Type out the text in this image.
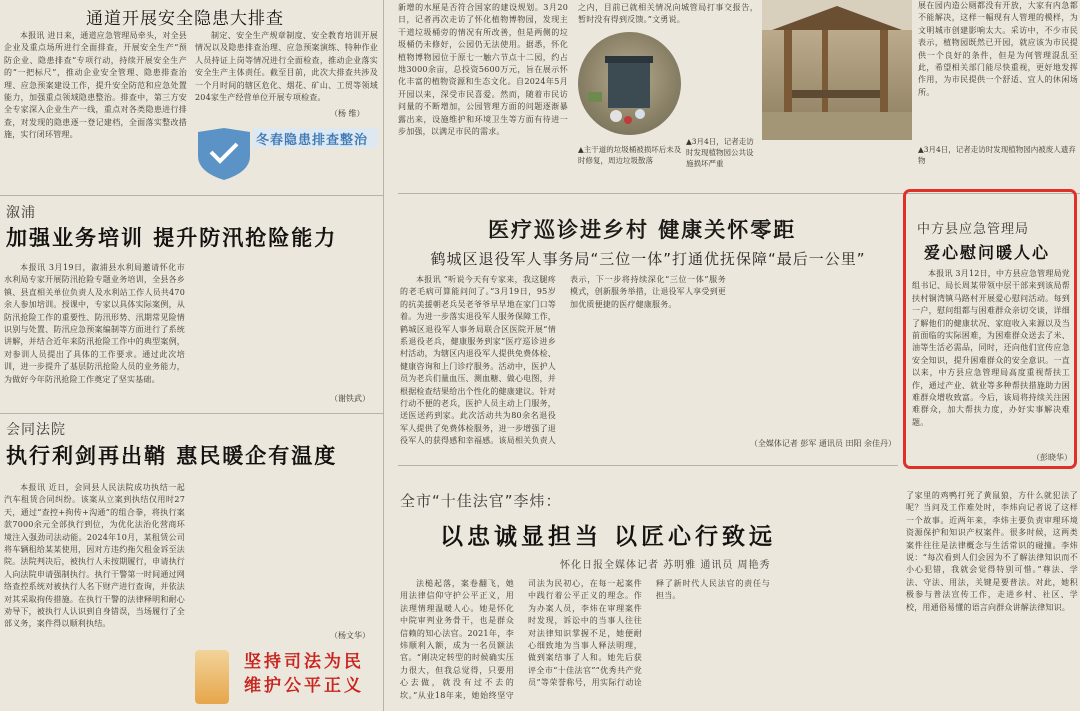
通道开展安全隐患大排查
本报讯 进日来，通道应急管理局牵头，对全县企业及重点场所进行全面排查，开展安全生产“预防企业、隐患排查”专项行动，持续开展安全生产的“一把标尺”，推动企业安全管理、隐患排查治理、应急预案建设工作，提升安全防范和应急处置能力，加强重点领域隐患整治。排查中，第三方安全专家深入企业生产一线，重点对各类隐患进行排查，对发现的隐患逐一登记建档，全面落实整改措施，实行闭环管理。
制定、安全生产规章制度、安全教育培训开展情况以及隐患排查治理、应急预案演练、特种作业人员持证上岗等情况进行全面检查，推动企业落实安全生产主体责任。截至目前，此次大排查共涉及一个月时间的辖区危化、烟花、矿山、工贸等领域204家生产经营单位开展专项检查。
（杨 维）
冬春隐患排查整治
溆浦
加强业务培训 提升防汛抢险能力
本报讯 3月19日，溆浦县水利局邀请怀化市水利局专家开展防汛抢险专题业务培训，全县各乡镇、县直相关单位负责人及水利站工作人员共470余人参加培训。授课中，专家以具体实际案例，从防汛抢险工作的重要性、防汛形势、汛期常见险情识别与处置、防汛应急预案编制等方面进行了系统讲解，并结合近年来防汛抢险工作中的典型案例，对参训人员提出了具体的工作要求。通过此次培训，进一步提升了基层防汛抢险人员的业务能力，为做好今年防汛抢险工作奠定了坚实基础。
（谢铁武）
会同法院
执行利剑再出鞘 惠民暖企有温度
本报讯 近日，会同县人民法院成功执结一起汽车租赁合同纠纷。该案从立案到执结仅用时27天，通过“查控+拘传+沟通”的组合拳，将执行案款7000余元全部执行到位，为优化法治化营商环境注入强劲司法动能。2024年10月，某租赁公司将车辆租给某某使用，因对方违约拖欠租金诉至法院。法院判决后，被执行人未按期履行，申请执行人向法院申请强制执行。执行干警第一时间通过网络查控系统对被执行人名下财产进行查询，并依法对其采取拘传措施。在执行干警的法律释明和耐心劝导下，被执行人认识到自身错误，当场履行了全部义务，案件得以顺利执结。
（杨文华）
坚持司法为民
维护公平正义
新增的水厘是否符合国家的建设规划。3月20日，记者再次走访了怀化植物博物园，发现主干道垃圾桶旁的情况有所改善，但是两侧的垃圾桶仍未修好，公园仍无法使用。据悉，怀化植物博物园位于原七一触六节点十二园，约占地3000余亩，总投资5600万元，旨在展示怀化丰富的植物资源和生态文化。自2024年5月开园以来，深受市民喜爱。然而，随着市民访问量的不断增加，公园管理方面的问题逐渐暴露出来，设施维护和环境卫生等方面有待进一步加强，以满足市民的需求。
之内，目前已就相关情况向城管局打事交报告，暂时没有得到反馈。”文勇说。
▲3月4日，记者走访时发现植物园公共设施损坏严重
▲主干道的垃圾桶被损坏后未及时修复，周边垃圾散落
展在园内造公厕都没有开放，大家有内急都不能解决，这样一幅现有人管理的模样，为文明城市创建影响太大。采访中，不少市民表示，植物园既然已开园，就应该为市民提供一个良好的条件，但是为何管理混乱至此，希望相关部门能尽快重视，更好地发挥作用，为市民提供一个舒适、宜人的休闲场所。
▲3月4日，记者走访时发现植物园内被废人遗弃物
医疗巡诊进乡村 健康关怀零距
鹤城区退役军人事务局“三位一体”打通优抚保障“最后一公里”
本报讯 “听说今天有专家来，我这腿疼的老毛病可算能问问了。”3月19日，95岁的抗美援朝老兵吴老爷爷早早地在家门口等着。为进一步落实退役军人服务保障工作，鹤城区退役军人事务局联合区医院开展“情系退役老兵，健康服务到家”医疗巡诊进乡村活动，为辖区内退役军人提供免费体检、健康咨询和上门诊疗服务。活动中，医护人员为老兵们量血压、测血糖、做心电图，并根据检查结果给出个性化的健康建议。针对行动不便的老兵，医护人员主动上门服务，送医送药到家。此次活动共为80余名退役军人提供了免费体检服务，进一步增强了退役军人的获得感和幸福感。该局相关负责人表示，下一步将持续深化“三位一体”服务模式，创新服务举措，让退役军人享受到更加优质便捷的医疗健康服务。
（全媒体记者 彭军 通讯员 田阳 余佳丹）
中方县应急管理局
爱心慰问暖人心
本报讯 3月12日，中方县应急管理局党组书记、局长周某带领中层干部来到该局帮扶村铜湾镇马路村开展爱心慰问活动。每到一户，慰问组都与困难群众亲切交谈，详细了解他们的健康状况、家庭收入来源以及当前面临的实际困难，为困难群众送去了米、油等生活必需品，同时，还向他们宣传应急安全知识，提升困难群众的安全意识。一直以来，中方县应急管理局高度重视帮扶工作，通过产业、就业等多种帮扶措施助力困难群众增收致富。今后，该局将持续关注困难群众，加大帮扶力度，办好实事解决难题。
（彭晓华）
全市“十佳法官”李炜：
以忠诚显担当 以匠心行致远
怀化日报全媒体记者 苏明雅 通讯员 周艳秀
法槌起落，案卷翻飞，她用法律信仰守护公平正义，用法理情理温暖人心。她是怀化中院审判业务骨干，也是群众信赖的知心法官。2021年，李炜顺利入额，成为一名员额法官。“刚决定转型的时候确实压力很大，但我总觉得，只要用心去做，就没有过不去的坎。”从业18年来，她始终坚守司法为民初心，在每一起案件中践行着公平正义的理念。作为办案人员，李炜在审理案件时发现，诉讼中的当事人往往对法律知识掌握不足，她便耐心细致地为当事人释法明理，做到案结事了人和。她先后获评全市“十佳法官”“优秀共产党员”等荣誉称号，用实际行动诠释了新时代人民法官的责任与担当。
了家里的鸡鸭打死了黄鼠狼，方什么就犯法了呢？当问及工作难处时，李炜向记者说了这样一个故事。近两年来，李炜主要负责审理环境资源保护和知识产权案件。很多时候，这两类案件往往是法律概念与生活常识的碰撞。李炜说：“每次看到人们会因为不了解法律知识而不小心犯错，我就会觉得特别可惜。”尊法、学法、守法、用法，关键是要普法。对此，她积极参与普法宣传工作，走进乡村、社区、学校，用通俗易懂的语言向群众讲解法律知识。
